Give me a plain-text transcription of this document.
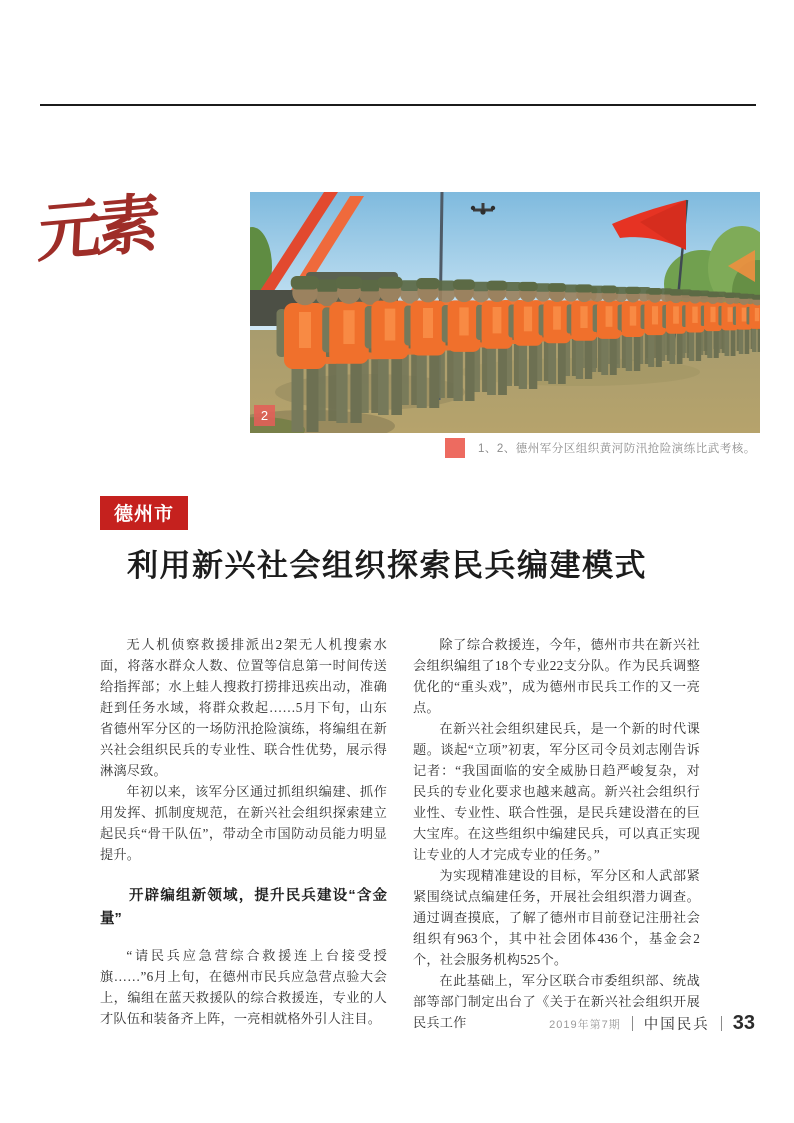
元素
2
1、2、德州军分区组织黄河防汛抢险演练比武考核。
德州市
利用新兴社会组织探索民兵编建模式

无人机侦察救援排派出2架无人机搜索水面，将落水群众人数、位置等信息第一时间传送给指挥部；水上蛙人搜救打捞排迅疾出动，准确赶到任务水域，将群众救起……5月下旬，山东省德州军分区的一场防汛抢险演练，将编组在新兴社会组织民兵的专业性、联合性优势，展示得淋漓尽致。

年初以来，该军分区通过抓组织编建、抓作用发挥、抓制度规范，在新兴社会组织探索建立起民兵“骨干队伍”，带动全市国防动员能力明显提升。

开辟编组新领域，提升民兵建设“含金量”

“请民兵应急营综合救援连上台接受授旗……”6月上旬，在德州市民兵应急营点验大会上，编组在蓝天救援队的综合救援连，专业的人才队伍和装备齐上阵，一亮相就格外引人注目。

除了综合救援连，今年，德州市共在新兴社会组织编组了18个专业22支分队。作为民兵调整优化的“重头戏”，成为德州市民兵工作的又一亮点。

在新兴社会组织建民兵，是一个新的时代课题。谈起“立项”初衷，军分区司令员刘志刚告诉记者：“我国面临的安全威胁日趋严峻复杂，对民兵的专业化要求也越来越高。新兴社会组织行业性、专业性、联合性强，是民兵建设潜在的巨大宝库。在这些组织中编建民兵，可以真正实现让专业的人才完成专业的任务。”

为实现精准建设的目标，军分区和人武部紧紧围绕试点编建任务，开展社会组织潜力调查。通过调查摸底，了解了德州市目前登记注册社会组织有963个，其中社会团体436个，基金会2个，社会服务机构525个。

在此基础上，军分区联合市委组织部、统战部等部门制定出台了《关于在新兴社会组织开展民兵工作	2019年第7期 中国民兵 33
